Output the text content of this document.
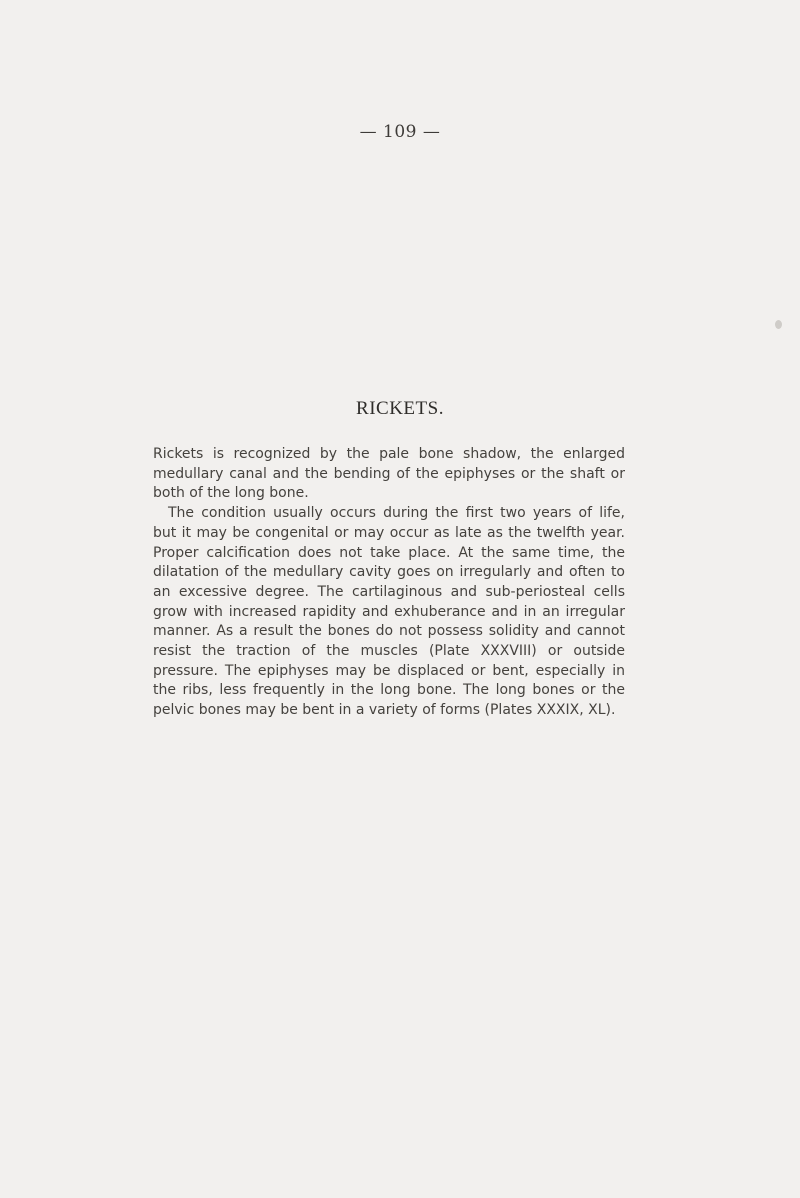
— 109 —
RICKETS.

Rickets is recognized by the pale bone shadow, the enlarged medullary canal and the bending of the epiphyses or the shaft or both of the long bone.

The condition usually occurs during the first two years of life, but it may be congenital or may occur as late as the twelfth year. Proper calcification does not take place. At the same time, the dilatation of the medullary cavity goes on irregularly and often to an excessive degree. The cartilaginous and sub-periosteal cells grow with increased rapidity and exhuberance and in an irregular manner. As a result the bones do not possess solidity and cannot resist the traction of the muscles (Plate XXXVIII) or outside pressure. The epiphyses may be displaced or bent, especially in the ribs, less frequently in the long bone. The long bones or the pelvic bones may be bent in a variety of forms (Plates XXXIX, XL).
